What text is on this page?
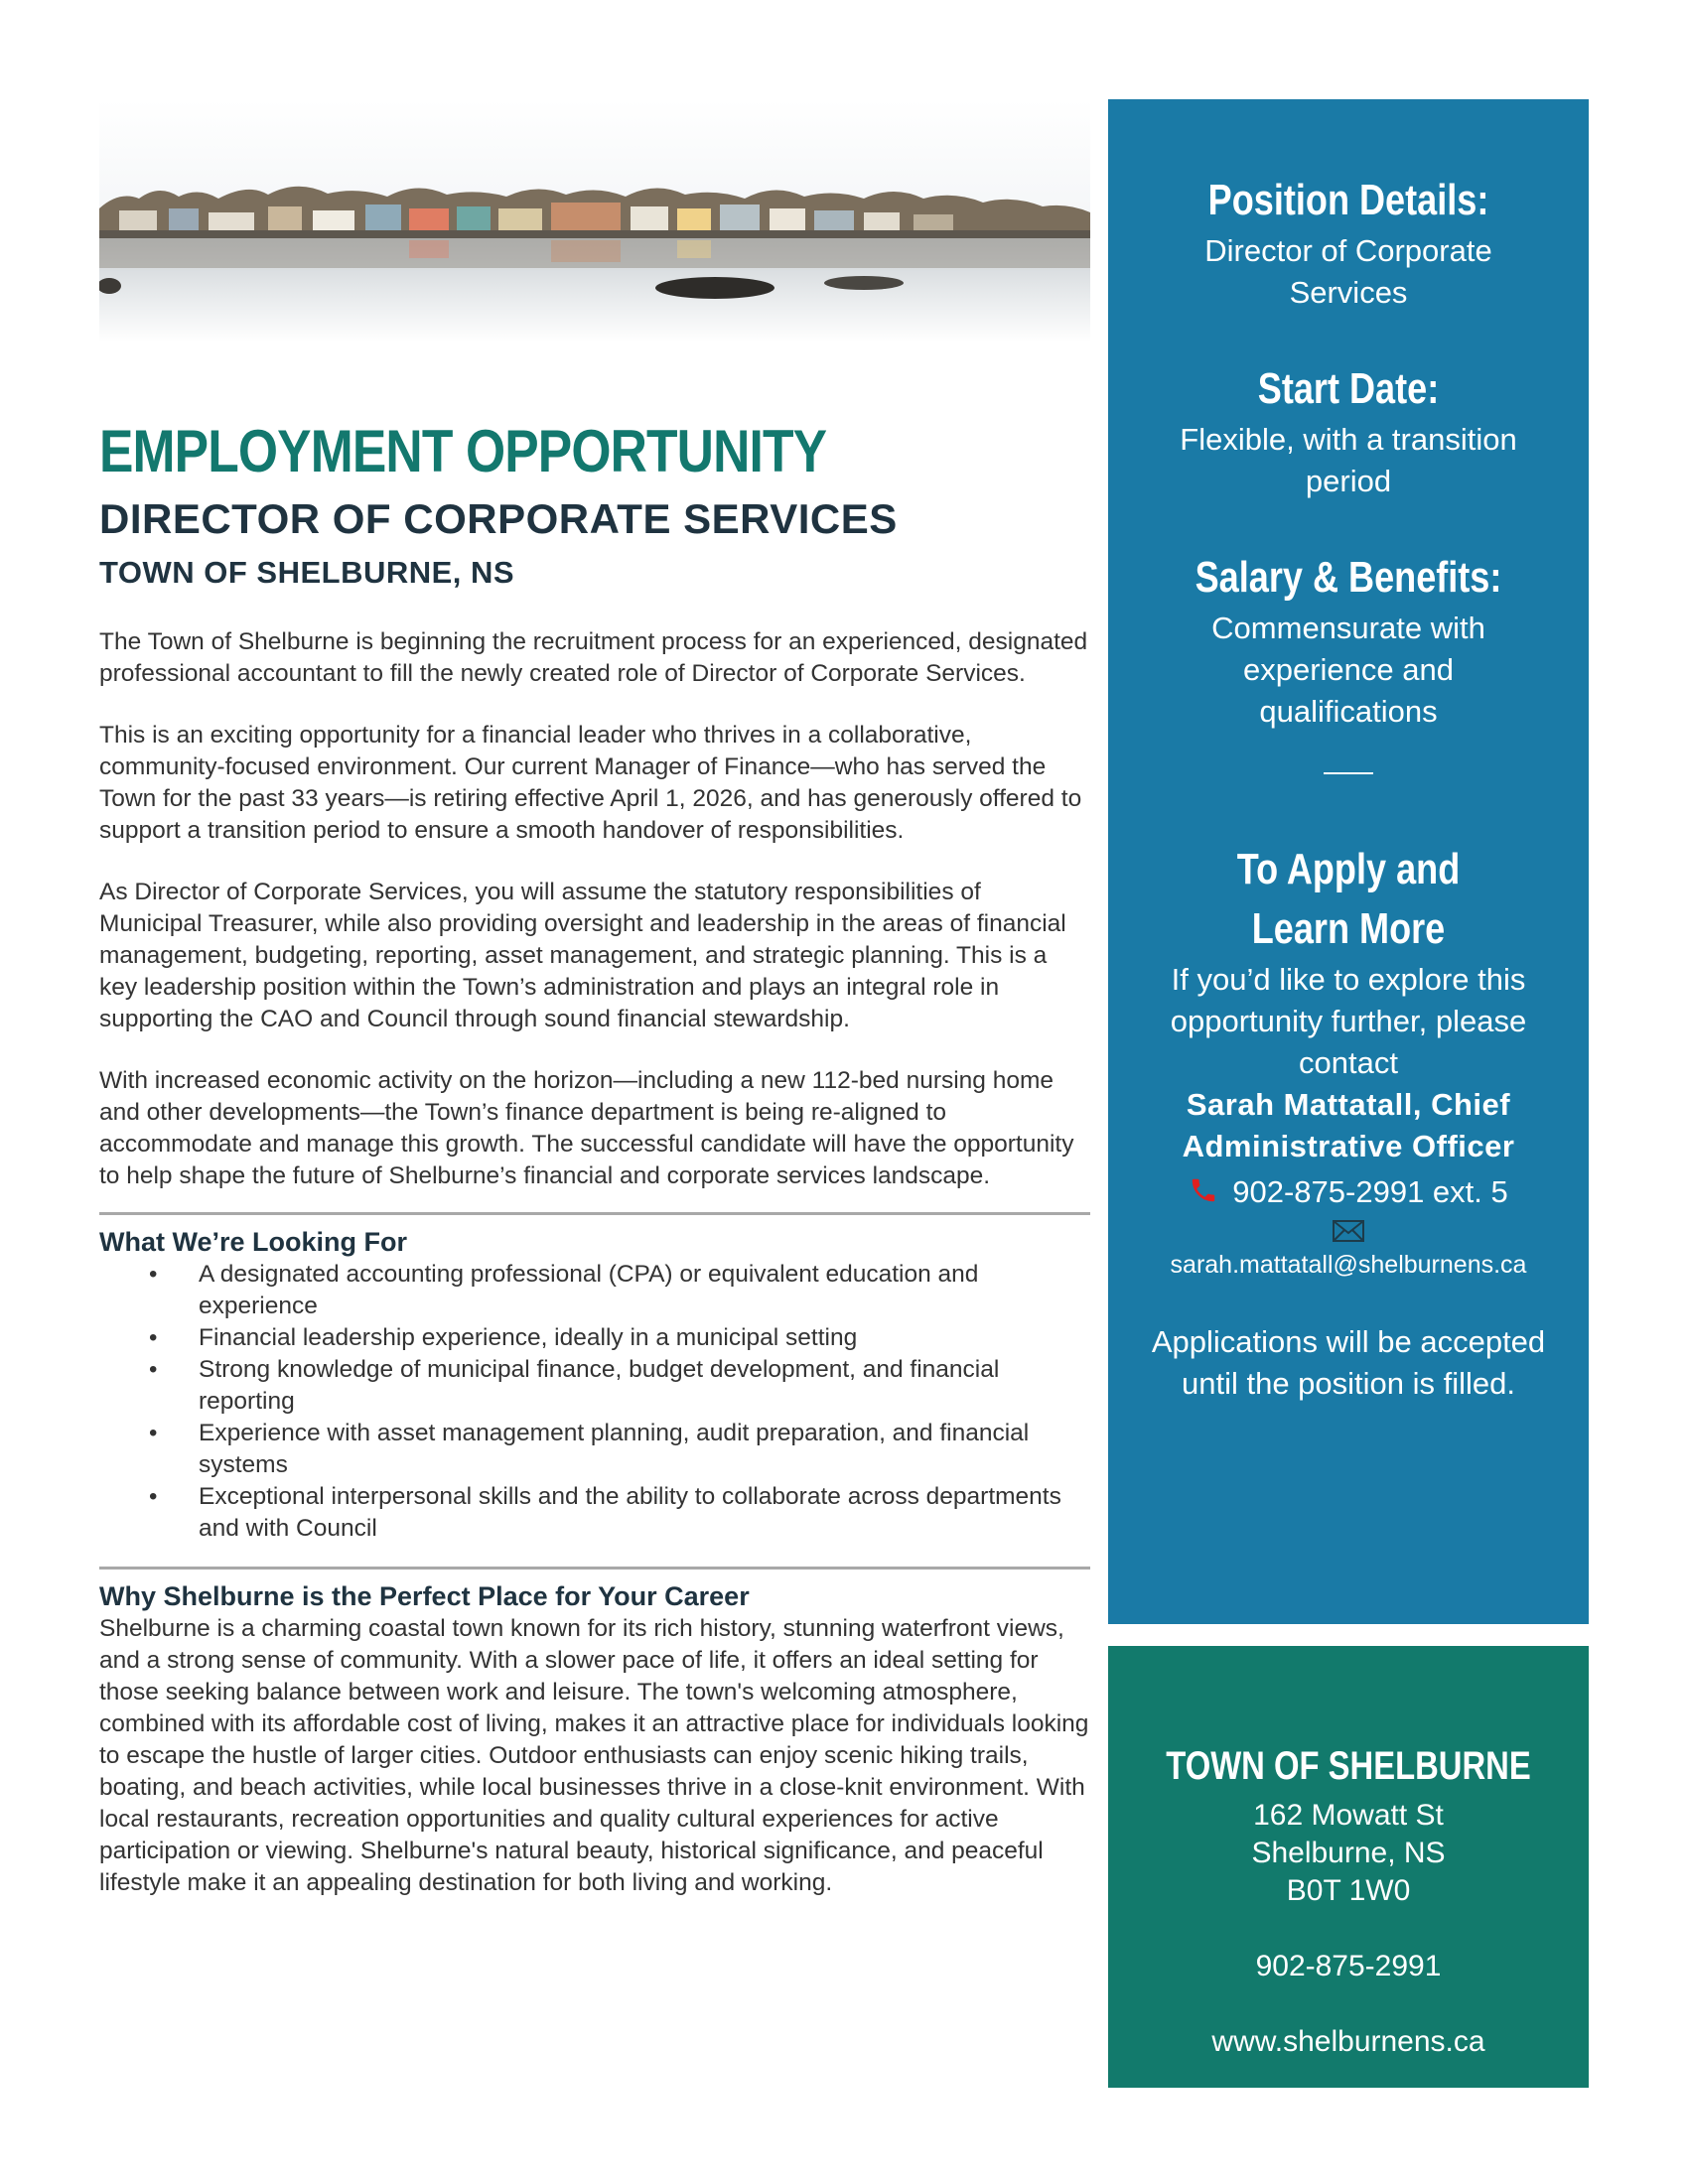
EMPLOYMENT OPPORTUNITY
DIRECTOR OF CORPORATE SERVICES
TOWN OF SHELBURNE, NS

The Town of Shelburne is beginning the recruitment process for an experienced, designated professional accountant to fill the newly created role of Director of Corporate Services.

This is an exciting opportunity for a financial leader who thrives in a collaborative, community-focused environment. Our current Manager of Finance—who has served the Town for the past 33 years—is retiring effective April 1, 2026, and has generously offered to support a transition period to ensure a smooth handover of responsibilities.

As Director of Corporate Services, you will assume the statutory responsibilities of Municipal Treasurer, while also providing oversight and leadership in the areas of financial management, budgeting, reporting, asset management, and strategic planning. This is a key leadership position within the Town’s administration and plays an integral role in supporting the CAO and Council through sound financial stewardship.

With increased economic activity on the horizon—including a new 112-bed nursing home and other developments—the Town’s finance department is being re-aligned to accommodate and manage this growth. The successful candidate will have the opportunity to help shape the future of Shelburne’s financial and corporate services landscape.

What We’re Looking For
• A designated accounting professional (CPA) or equivalent education and experience
• Financial leadership experience, ideally in a municipal setting
• Strong knowledge of municipal finance, budget development, and financial reporting
• Experience with asset management planning, audit preparation, and financial systems
• Exceptional interpersonal skills and the ability to collaborate across departments and with Council
Why Shelburne is the Perfect Place for Your Career

Shelburne is a charming coastal town known for its rich history, stunning waterfront views, and a strong sense of community. With a slower pace of life, it offers an ideal setting for those seeking balance between work and leisure. The town's welcoming atmosphere, combined with its affordable cost of living, makes it an attractive place for individuals looking to escape the hustle of larger cities. Outdoor enthusiasts can enjoy scenic hiking trails, boating, and beach activities, while local businesses thrive in a close-knit environment. With local restaurants, recreation opportunities and quality cultural experiences for active participation or viewing. Shelburne's natural beauty, historical significance, and peaceful lifestyle make it an appealing destination for both living and working.

Position Details:

Director of Corporate Services

Start Date:

Flexible, with a transition period

Salary & Benefits:

Commensurate with experience and qualifications

To Apply and Learn More

If you’d like to explore this opportunity further, please contact

Sarah Mattatall, Chief Administrative Officer

902-875-2991 ext. 5
sarah.mattatall@shelburnens.ca

Applications will be accepted until the position is filled.

TOWN OF SHELBURNE

162 Mowatt St

Shelburne, NS

B0T 1W0

902-875-2991

www.shelburnens.ca
